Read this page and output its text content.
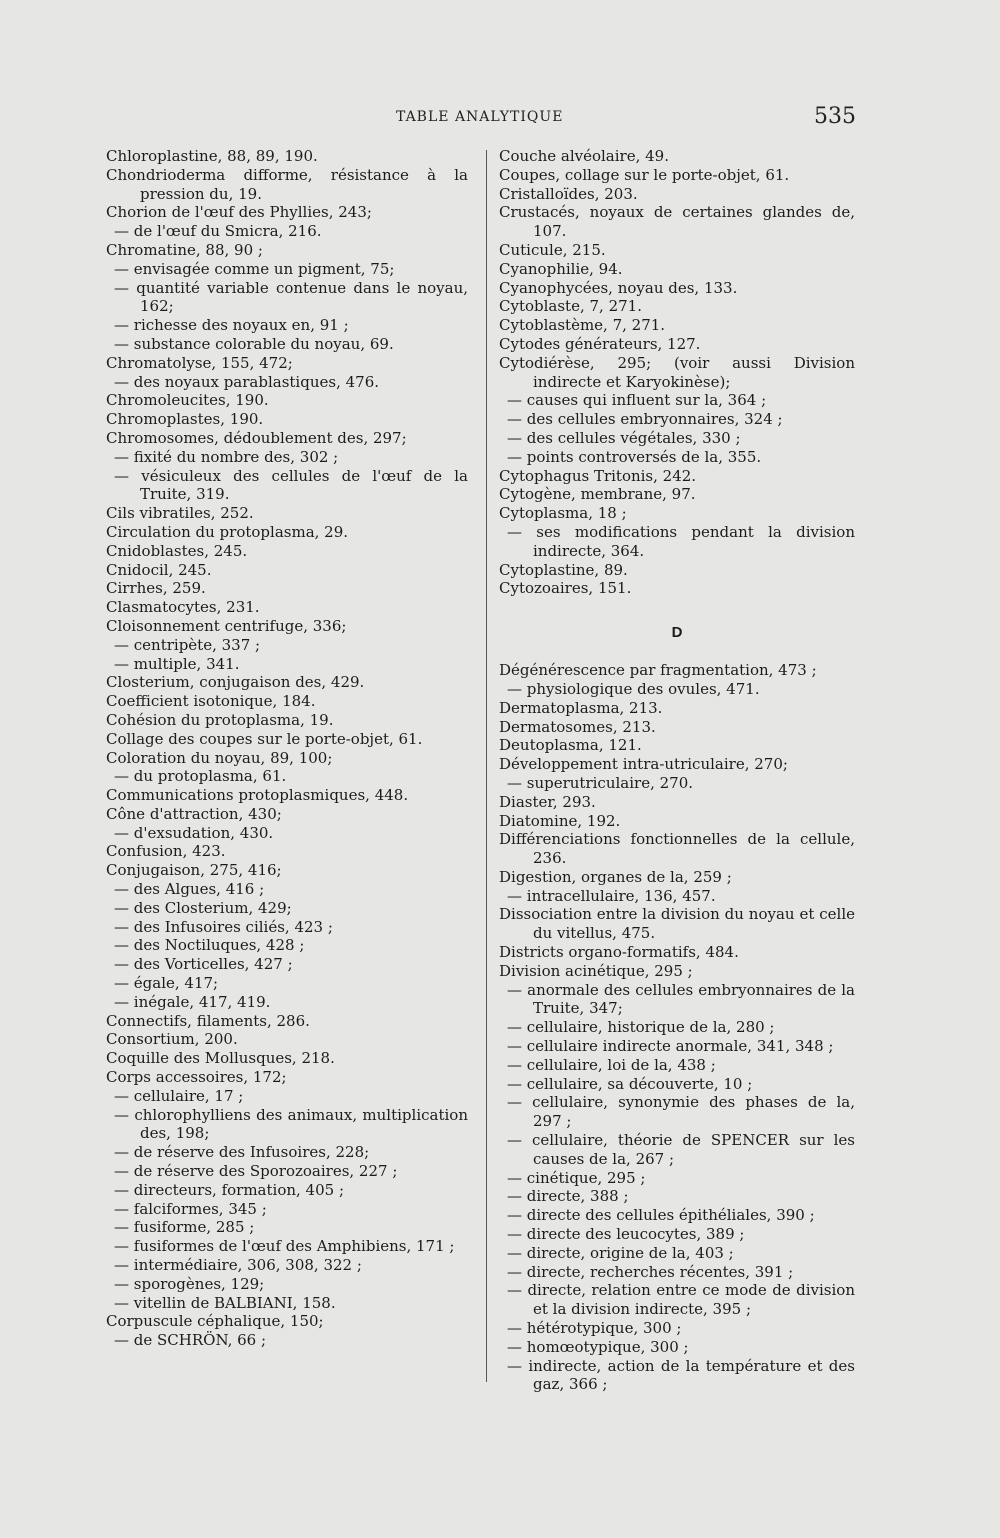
TABLE ANALYTIQUE	535
Chloroplastine, 88, 89, 190.
Chondrioderma difforme, résistance à la pression du, 19.
Chorion de l'œuf des Phyllies, 243;
— de l'œuf du Smicra, 216.
Chromatine, 88, 90 ;
— envisagée comme un pigment, 75;
— quantité variable contenue dans le noyau, 162;
— richesse des noyaux en, 91 ;
— substance colorable du noyau, 69.
Chromatolyse, 155, 472;
— des noyaux parablastiques, 476.
Chromoleucites, 190.
Chromoplastes, 190.
Chromosomes, dédoublement des, 297;
— fixité du nombre des, 302 ;
— vésiculeux des cellules de l'œuf de la Truite, 319.
Cils vibratiles, 252.
Circulation du protoplasma, 29.
Cnidoblastes, 245.
Cnidocil, 245.
Cirrhes, 259.
Clasmatocytes, 231.
Cloisonnement centrifuge, 336;
— centripète, 337 ;
— multiple, 341.
Closterium, conjugaison des, 429.
Coefficient isotonique, 184.
Cohésion du protoplasma, 19.
Collage des coupes sur le porte-objet, 61.
Coloration du noyau, 89, 100;
— du protoplasma, 61.
Communications protoplasmiques, 448.
Cône d'attraction, 430;
— d'exsudation, 430.
Confusion, 423.
Conjugaison, 275, 416;
— des Algues, 416 ;
— des Closterium, 429;
— des Infusoires ciliés, 423 ;
— des Noctiluques, 428 ;
— des Vorticelles, 427 ;
— égale, 417;
— inégale, 417, 419.
Connectifs, filaments, 286.
Consortium, 200.
Coquille des Mollusques, 218.
Corps accessoires, 172;
— cellulaire, 17 ;
— chlorophylliens des animaux, multiplication des, 198;
— de réserve des Infusoires, 228;
— de réserve des Sporozoaires, 227 ;
— directeurs, formation, 405 ;
— falciformes, 345 ;
— fusiforme, 285 ;
— fusiformes de l'œuf des Amphibiens, 171 ;
— intermédiaire, 306, 308, 322 ;
— sporogènes, 129;
— vitellin de BALBIANI, 158.
Corpuscule céphalique, 150;
— de SCHRÖN, 66 ;
Couche alvéolaire, 49.
Coupes, collage sur le porte-objet, 61.
Cristalloïdes, 203.
Crustacés, noyaux de certaines glandes de, 107.
Cuticule, 215.
Cyanophilie, 94.
Cyanophycées, noyau des, 133.
Cytoblaste, 7, 271.
Cytoblastème, 7, 271.
Cytodes générateurs, 127.
Cytodiérèse, 295; (voir aussi Division indirecte et Karyokinèse);
— causes qui influent sur la, 364 ;
— des cellules embryonnaires, 324 ;
— des cellules végétales, 330 ;
— points controversés de la, 355.
Cytophagus Tritonis, 242.
Cytogène, membrane, 97.
Cytoplasma, 18 ;
— ses modifications pendant la division indirecte, 364.
Cytoplastine, 89.
Cytozoaires, 151.
D
Dégénérescence par fragmentation, 473 ;
— physiologique des ovules, 471.
Dermatoplasma, 213.
Dermatosomes, 213.
Deutoplasma, 121.
Développement intra-utriculaire, 270;
— superutriculaire, 270.
Diaster, 293.
Diatomine, 192.
Différenciations fonctionnelles de la cellule, 236.
Digestion, organes de la, 259 ;
— intracellulaire, 136, 457.
Dissociation entre la division du noyau et celle du vitellus, 475.
Districts organo-formatifs, 484.
Division acinétique, 295 ;
— anormale des cellules embryonnaires de la Truite, 347;
— cellulaire, historique de la, 280 ;
— cellulaire indirecte anormale, 341, 348 ;
— cellulaire, loi de la, 438 ;
— cellulaire, sa découverte, 10 ;
— cellulaire, synonymie des phases de la, 297 ;
— cellulaire, théorie de SPENCER sur les causes de la, 267 ;
— cinétique, 295 ;
— directe, 388 ;
— directe des cellules épithéliales, 390 ;
— directe des leucocytes, 389 ;
— directe, origine de la, 403 ;
— directe, recherches récentes, 391 ;
— directe, relation entre ce mode de division et la division indirecte, 395 ;
— hétérotypique, 300 ;
— homœotypique, 300 ;
— indirecte, action de la température et des gaz, 366 ;
